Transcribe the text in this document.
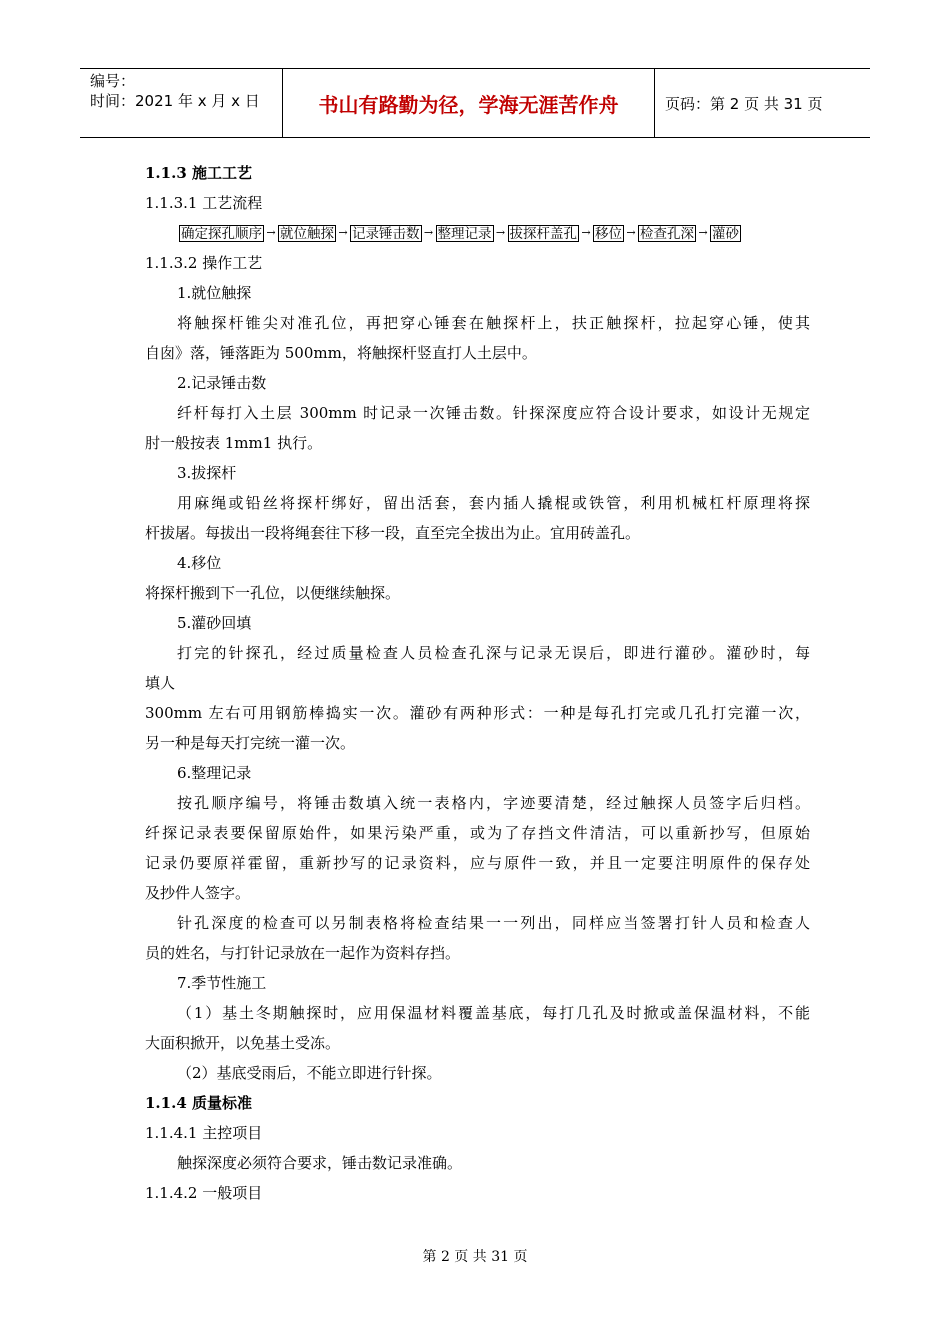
编号：
时间：2021 年 x 月 x 日	书山有路勤为径，学海无涯苦作舟	页码：第 2 页 共 31 页
1.1.3 施工工艺
1.1.3.1 工艺流程
确定探孔顺序 → 就位触探 → 记录锤击数 → 整理记录 → 拔探杆盖孔 → 移位 → 检查孔深 → 灌砂
1.1.3.2 操作工艺
1.就位触探
将触探杆锥尖对准孔位，再把穿心锤套在触探杆上，扶正触探杆，拉起穿心锤，使其
自囱》落，锤落距为 500mm，将触探杆竖直打人土层中。
2.记录锤击数
纤杆每打入土层 300mm 时记录一次锤击数。针探深度应符合设计要求，如设计无规定
肘一般按表 1mm1 执行。
3.拔探杆
用麻绳或铅丝将探杆绑好，留出活套，套内插人撬棍或铁管，利用机械杠杆原理将探
杆拔屠。每拔出一段将绳套往下移一段，直至完全拔出为止。宜用砖盖孔。
4.移位
将探杆搬到下一孔位，以便继续触探。
5.灌砂回填
打完的针探孔，经过质量检查人员检查孔深与记录无误后，即进行灌砂。灌砂时，每
填人
300mm 左右可用钢筋棒捣实一次。灌砂有两种形式：一种是每孔打完或几孔打完灌一次，
另一种是每天打完统一灌一次。
6.整理记录
按孔顺序编号，将锤击数填入统一表格内，字迹要清楚，经过触探人员签字后归档。
纤探记录表要保留原始件，如果污染严重，或为了存挡文件清洁，可以重新抄写，但原始
记录仍要原祥霍留，重新抄写的记录资料，应与原件一致，并且一定要注明原件的保存处
及抄件人签字。
针孔深度的检查可以另制表格将检查结果一一列出，同样应当签署打针人员和检查人
员的姓名，与打针记录放在一起作为资料存挡。
7.季节性施工
（1）基土冬期触探时，应用保温材料覆盖基底，每打几孔及时掀或盖保温材料，不能
大面积掀开，以免基土受冻。
（2）基底受雨后，不能立即进行针探。
1.1.4 质量标准
1.1.4.1 主控项目
触探深度必须符合要求，锤击数记录准确。
1.1.4.2 一般项目
第 2 页 共 31 页
